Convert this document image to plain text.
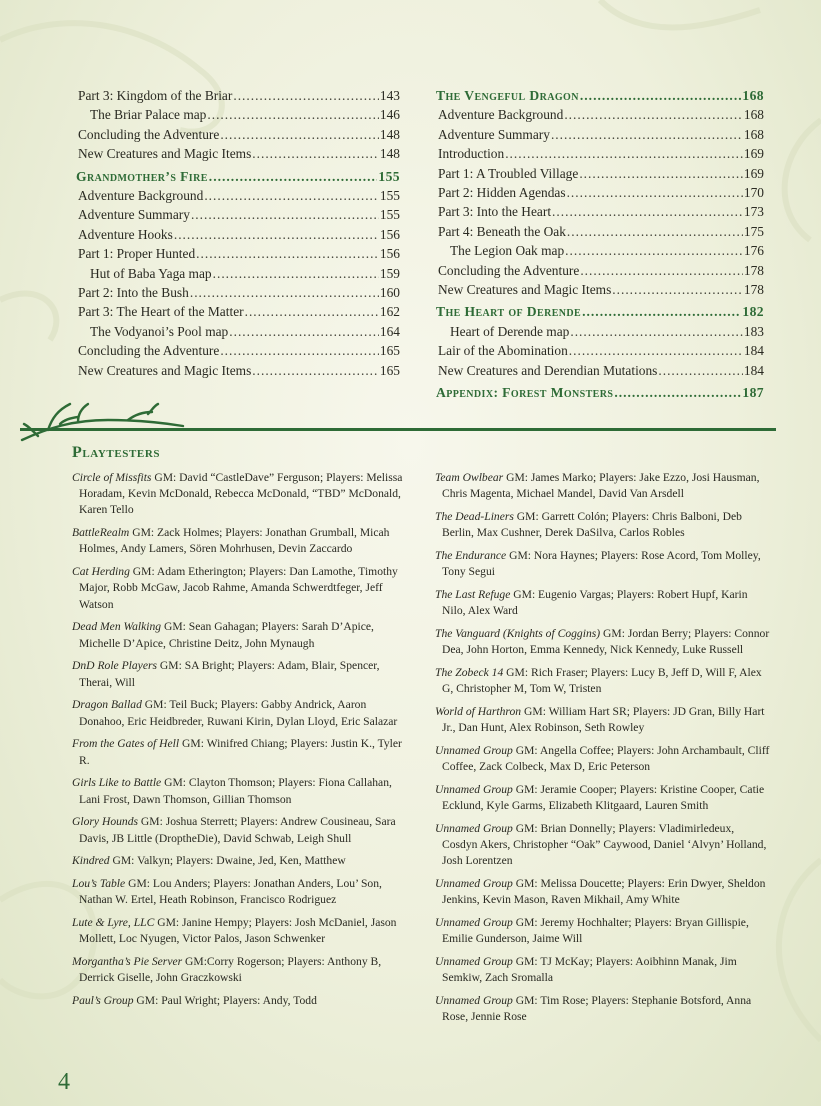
Part 3: Kingdom of the Briar .....	143
The Briar Palace map .....	146
Concluding the Adventure .....	148
New Creatures and Magic Items .....	148
Grandmother’s Fire .....	155
Adventure Background .....	155
Adventure Summary .....	155
Adventure Hooks .....	156
Part 1: Proper Hunted .....	156
Hut of Baba Yaga map .....	159
Part 2: Into the Bush .....	160
Part 3: The Heart of the Matter .....	162
The Vodyanoi’s Pool map .....	164
Concluding the Adventure .....	165
New Creatures and Magic Items .....	165
The Vengeful Dragon .....	168
Adventure Background .....	168
Adventure Summary .....	168
Introduction .....	169
Part 1: A Troubled Village .....	169
Part 2: Hidden Agendas .....	170
Part 3: Into the Heart .....	173
Part 4: Beneath the Oak .....	175
The Legion Oak map .....	176
Concluding the Adventure .....	178
New Creatures and Magic Items .....	178
The Heart of Derende .....	182
Heart of Derende map .....	183
Lair of the Abomination .....	184
New Creatures and Derendian Mutations .....	184
Appendix: Forest Monsters .....	187
Playtesters
Circle of Missfits GM: David “CastleDave” Ferguson; Players: Melissa Horadam, Kevin McDonald, Rebecca McDonald, “TBD” McDonald, Karen Tello
BattleRealm GM: Zack Holmes; Players: Jonathan Grumball, Micah Holmes, Andy Lamers, Sören Mohrhusen, Devin Zaccardo
Cat Herding GM: Adam Etherington; Players: Dan Lamothe, Timothy Major, Robb McGaw, Jacob Rahme, Amanda Schwerdtfeger, Jeff Watson
Dead Men Walking GM: Sean Gahagan; Players: Sarah D’Apice, Michelle D’Apice, Christine Deitz, John Mynaugh
DnD Role Players GM: SA Bright; Players: Adam, Blair, Spencer, Therai, Will
Dragon Ballad GM: Teil Buck; Players: Gabby Andrick, Aaron Donahoo, Eric Heidbreder, Ruwani Kirin, Dylan Lloyd, Eric Salazar
From the Gates of Hell GM: Winifred Chiang; Players: Justin K., Tyler R.
Girls Like to Battle GM: Clayton Thomson; Players: Fiona Callahan, Lani Frost, Dawn Thomson, Gillian Thomson
Glory Hounds GM: Joshua Sterrett; Players: Andrew Cousineau, Sara Davis, JB Little (DroptheDie), David Schwab, Leigh Shull
Kindred GM: Valkyn; Players: Dwaine, Jed, Ken, Matthew
Lou’s Table GM: Lou Anders; Players: Jonathan Anders, Lou’ Son, Nathan W. Ertel, Heath Robinson, Francisco Rodriguez
Lute & Lyre, LLC GM: Janine Hempy; Players: Josh McDaniel, Jason Mollett, Loc Nyugen, Victor Palos, Jason Schwenker
Morgantha’s Pie Server GM:Corry Rogerson; Players: Anthony B, Derrick Giselle, John Graczkowski
Paul’s Group GM: Paul Wright; Players: Andy, Todd
Team Owlbear GM: James Marko; Players: Jake Ezzo, Josi Hausman, Chris Magenta, Michael Mandel, David Van Arsdell
The Dead-Liners GM: Garrett Colón; Players: Chris Balboni, Deb Berlin, Max Cushner, Derek DaSilva, Carlos Robles
The Endurance GM: Nora Haynes; Players: Rose Acord, Tom Molley, Tony Segui
The Last Refuge GM: Eugenio Vargas; Players: Robert Hupf, Karin Nilo, Alex Ward
The Vanguard (Knights of Coggins) GM: Jordan Berry; Players: Connor Dea, John Horton, Emma Kennedy, Nick Kennedy, Luke Russell
The Zobeck 14 GM: Rich Fraser; Players: Lucy B, Jeff D, Will F, Alex G, Christopher M, Tom W, Tristen
World of Harthron GM: William Hart SR; Players: JD Gran, Billy Hart Jr., Dan Hunt, Alex Robinson, Seth Rowley
Unnamed Group GM: Angella Coffee; Players: John Archambault, Cliff Coffee, Zack Colbeck, Max D, Eric Peterson
Unnamed Group GM: Jeramie Cooper; Players: Kristine Cooper, Catie Ecklund, Kyle Garms, Elizabeth Klitgaard, Lauren Smith
Unnamed Group GM: Brian Donnelly; Players: Vladimirledeux, Cosdyn Akers, Christopher “Oak” Caywood, Daniel ‘Alvyn’ Holland, Josh Lorentzen
Unnamed Group GM: Melissa Doucette; Players: Erin Dwyer, Sheldon Jenkins, Kevin Mason, Raven Mikhail, Amy White
Unnamed Group GM: Jeremy Hochhalter; Players: Bryan Gillispie, Emilie Gunderson, Jaime Will
Unnamed Group GM: TJ McKay; Players: Aoibhinn Manak, Jim Semkiw, Zach Sromalla
Unnamed Group GM: Tim Rose; Players: Stephanie Botsford, Anna Rose, Jennie Rose
4
